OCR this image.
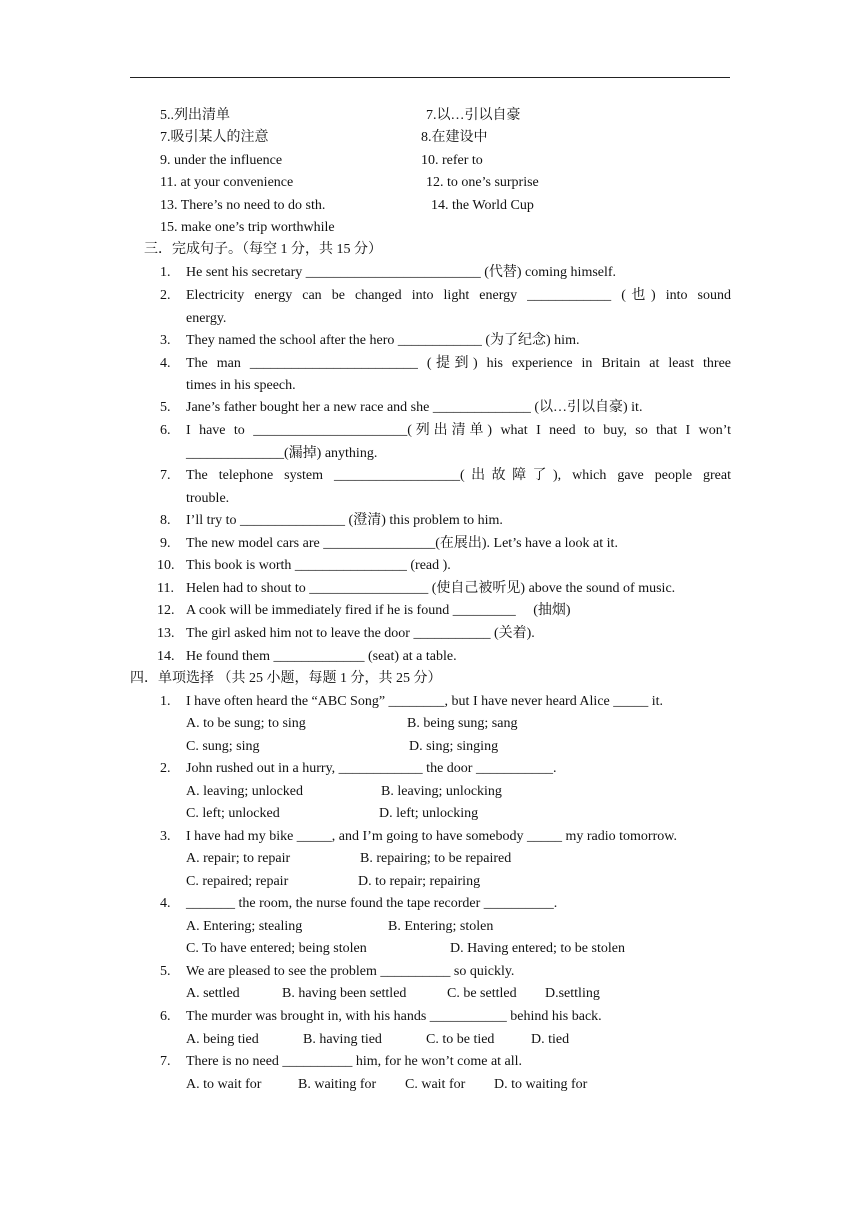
5..列出清单	7.以…引以自豪
7.吸引某人的注意	8.在建设中
9. under the influence	10. refer to
11. at your convenience	12. to one’s surprise
13. There’s no need to do sth.	14. the World Cup
15. make one’s trip worthwhile
三．完成句子。（每空 1 分，共 15 分）
1. He sent his secretary _________________________ (代替) coming himself.
2. Electricity energy can be changed into light energy ____________ (也) into sound
energy.
3. They named the school after the hero ____________ (为了纪念) him.
4. The man ________________________ (提到) his experience in Britain at least three
times in his speech.
5. Jane’s father bought her a new race and she ______________ (以…引以自豪) it.
6. I have to ______________________(列出清单) what I need to buy, so that I won’t
______________(漏掉) anything.
7. The telephone system __________________(出故障了), which gave people great
trouble.
8. I’ll try to _______________ (澄清) this problem to him.
9. The new model cars are ________________(在展出). Let’s have a look at it.
10. This book is worth ________________ (read ).
11. Helen had to shout to _________________ (使自己被听见) above the sound of music.
12. A cook will be immediately fired if he is found _________     (抽烟)
13. The girl asked him not to leave the door ___________ (关着).
14. He found them _____________ (seat) at a table.
四．单项选择 （共 25 小题，每题 1 分，共 25 分）
1. I have often heard the “ABC Song” ________, but I have never heard Alice _____ it.
A. to be sung; to sing	B. being sung; sang
C. sung; sing	D. sing; singing
2. John rushed out in a hurry, ____________ the door ___________.
A. leaving; unlocked	B. leaving; unlocking
C. left; unlocked	D. left; unlocking
3. I have had my bike _____, and I’m going to have somebody _____ my radio tomorrow.
A. repair; to repair	B. repairing; to be repaired
C. repaired; repair	D. to repair; repairing
4. _______ the room, the nurse found the tape recorder __________.
A. Entering; stealing	B. Entering; stolen
C. To have entered; being stolen	D. Having entered; to be stolen
5. We are pleased to see the problem __________ so quickly.
A. settled	B. having been settled	C. be settled D.settling
6. The murder was brought in, with his hands ___________ behind his back.
A. being tied	B. having tied	C. to be tied	D. tied
7. There is no need __________ him, for he won’t come at all.
A. to wait for	B. waiting for C. wait for D. to waiting for
